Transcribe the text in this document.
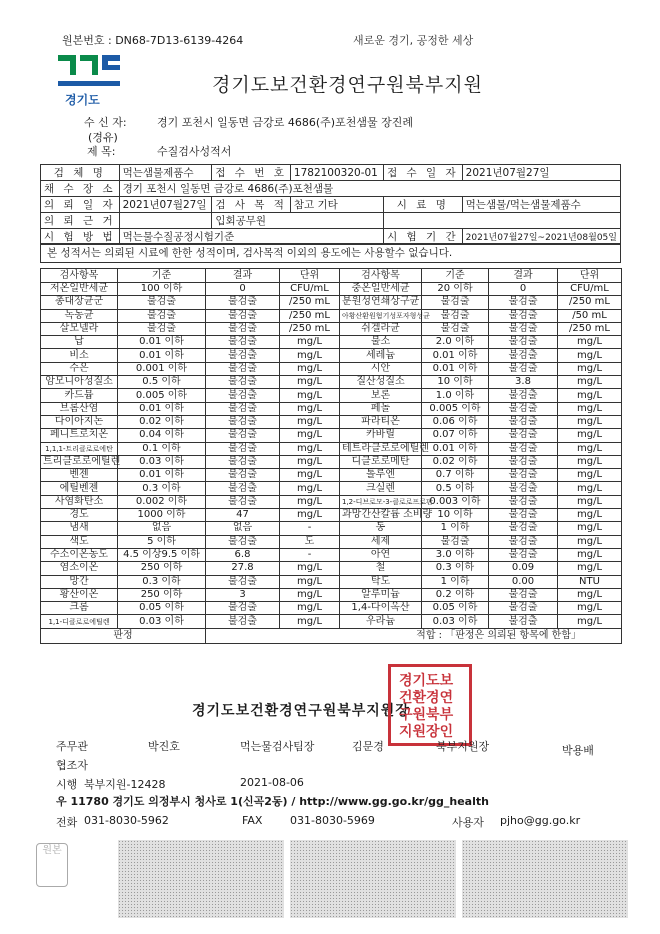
원본번호 : DN68-7D13-6139-4264	새로운 경기, 공정한 세상
경기도
경기도보건환경연구원북부지원
수 신 자:	경기 포천시 일동면 금강로 4686(주)포천샘물 장진례
(경유)
제 목:	수질검사성적서
검 체 명	먹는샘물제품수	접 수 번 호	1782100320-01	접 수 일 자	2021년07월27일
채 수 장 소	경기 포천시 일동면 금강로 4686(주)포천샘물				
의 뢰 일 자	2021년07월27일	검 사 목 적	참고 기타	시 료 명	먹는샘물/먹는샘물제품수
의 뢰 근 거		입회공무원			
시 험 방 법	먹는물수질공정시험기준			시 험 기 간	2021년07월27일~2021년08월05일
본 성적서는 의뢰된 시료에 한한 성적이며, 검사목적 이외의 용도에는 사용할수 없습니다.
검사항목	기준	결과	단위	검사항목	기준	결과	단위
저온일반세균	100 이하	0	CFU/mL	중온일반세균	20 이하	0	CFU/mL
총대장균군	불검출	불검출	/250 mL	분원성연쇄상구균	불검출	불검출	/250 mL
녹농균	불검출	불검출	/250 mL	아황산환원혐기성포자형성균	불검출	불검출	/50 mL
살모넬라	불검출	불검출	/250 mL	쉬겔라균	불검출	불검출	/250 mL
납	0.01 이하	불검출	mg/L	불소	2.0 이하	불검출	mg/L
비소	0.01 이하	불검출	mg/L	세레늄	0.01 이하	불검출	mg/L
수은	0.001 이하	불검출	mg/L	시안	0.01 이하	불검출	mg/L
암모니아성질소	0.5 이하	불검출	mg/L	질산성질소	10 이하	3.8	mg/L
카드뮴	0.005 이하	불검출	mg/L	보론	1.0 이하	불검출	mg/L
브롬산염	0.01 이하	불검출	mg/L	페놀	0.005 이하	불검출	mg/L
다이아지논	0.02 이하	불검출	mg/L	파라티온	0.06 이하	불검출	mg/L
페니트로치온	0.04 이하	불검출	mg/L	카바릴	0.07 이하	불검출	mg/L
1,1,1-트리클로로에탄	0.1 이하	불검출	mg/L	테트라클로로에틸렌	0.01 이하	불검출	mg/L
트리클로로에틸렌	0.03 이하	불검출	mg/L	디클로로메탄	0.02 이하	불검출	mg/L
벤젠	0.01 이하	불검출	mg/L	톨루엔	0.7 이하	불검출	mg/L
에틸벤젠	0.3 이하	불검출	mg/L	크실렌	0.5 이하	불검출	mg/L
사염화탄소	0.002 이하	불검출	mg/L	1,2-디브로모-3-클로로프로판	0.003 이하	불검출	mg/L
경도	1000 이하	47	mg/L	과망간산칼륨 소비량	10 이하	불검출	mg/L
냄새	없음	없음	-	동	1 이하	불검출	mg/L
색도	5 이하	불검출	도	세제	불검출	불검출	mg/L
수소이온농도	4.5 이상9.5 이하	6.8	-	아연	3.0 이하	불검출	mg/L
염소이온	250 이하	27.8	mg/L	철	0.3 이하	0.09	mg/L
망간	0.3 이하	불검출	mg/L	탁도	1 이하	0.00	NTU
황산이온	250 이하	3	mg/L	알루미늄	0.2 이하	불검출	mg/L
크롬	0.05 이하	불검출	mg/L	1,4-다이옥산	0.05 이하	불검출	mg/L
1,1-디클로로에틸렌	0.03 이하	불검출	mg/L	우라늄	0.03 이하	불검출	mg/L
판정		적합 : 「판정은 의뢰된 항목에 한함」					
경기도보건환경연구원북부지원장
경기도보
건환경연
구원북부
지원장인
주무관	박진호	먹는물검사팀장	김문경	북부지원장	박용배
협조자
시행 북부지원-12428	2021-08-06
우 11780 경기도 의정부시 청사로 1(신곡2동) / http://www.gg.go.kr/gg_health
전화 031-8030-5962	FAX	031-8030-5969	사용자 pjho@gg.go.kr
원본
